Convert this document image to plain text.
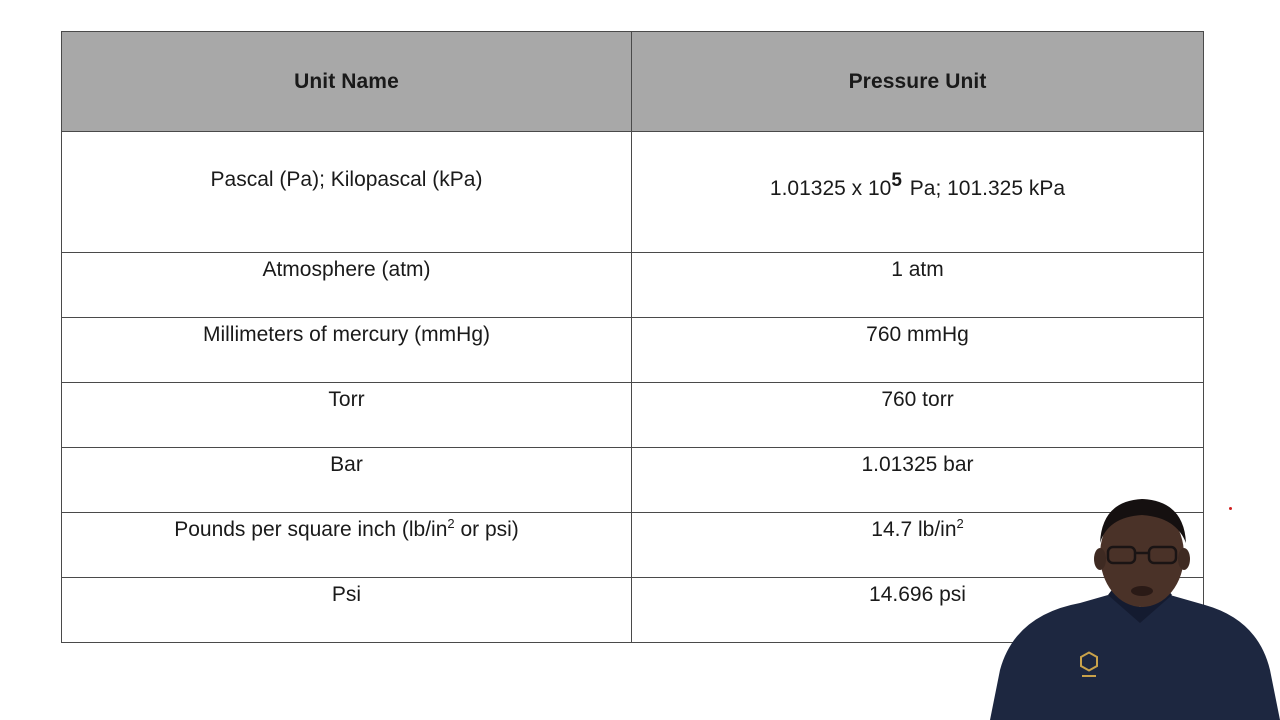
Unit Name	Pressure Unit
Pascal (Pa); Kilopascal (kPa)	1.01325 x 105 Pa; 101.325 kPa
Atmosphere (atm)	1 atm
Millimeters of mercury (mmHg)	760 mmHg
Torr	760 torr
Bar	1.01325 bar
Pounds per square inch ($lb/in^2$ or psi)	14.7 $lb/in^2$
Psi	14.696 psi
